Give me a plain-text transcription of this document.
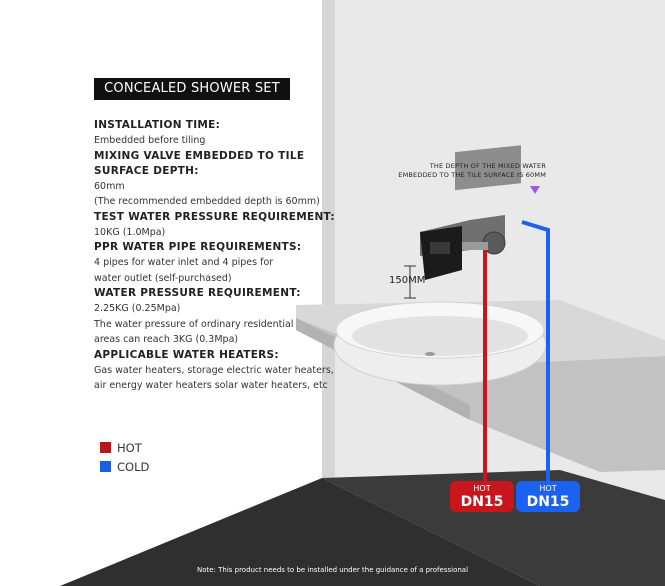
CONCEALED SHOWER SET
INSTALLATION TIME:
Embedded before tiling
MIXING VALVE EMBEDDED TO TILE
SURFACE DEPTH:
60mm
(The recommended embedded depth is 60mm)
TEST WATER PRESSURE REQUIREMENT:
10KG (1.0Mpa)
PPR WATER PIPE REQUIREMENTS:
4 pipes for water inlet and 4 pipes for
water outlet (self-purchased)
WATER PRESSURE REQUIREMENT:
2.25KG (0.25Mpa)
The water pressure of ordinary residential
areas can reach 3KG (0.3Mpa)
APPLICABLE WATER HEATERS:
Gas water heaters, storage electric water heaters,
air energy water heaters solar water heaters, etc
HOT
COLD
THE DEPTH OF THE MIXED WATER
EMBEDDED TO THE TILE SURFACE IS 60MM
150MM
HOT
DN15
HOT
DN15
Note: This product needs to be installed under the guidance of a professional
